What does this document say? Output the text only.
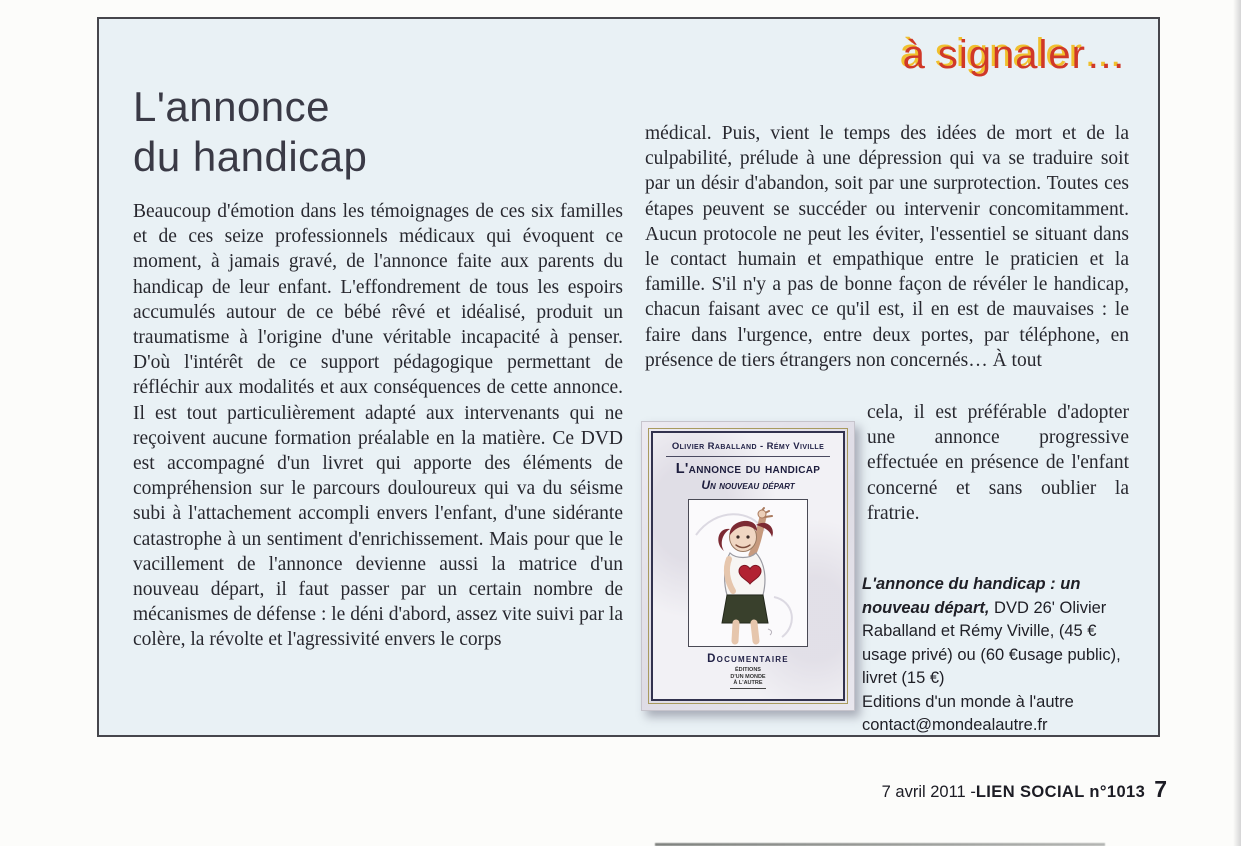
à signaler…
L'annonce
du handicap
Beaucoup d'émotion dans les témoignages de ces six familles et de ces seize professionnels médicaux qui évoquent ce moment, à jamais gravé, de l'annonce faite aux parents du handicap de leur enfant. L'effondrement de tous les espoirs accumulés autour de ce bébé rêvé et idéalisé, produit un traumatisme à l'origine d'une véritable incapacité à penser. D'où l'intérêt de ce support pédagogique permettant de réfléchir aux modalités et aux conséquences de cette annonce. Il est tout particulièrement adapté aux intervenants qui ne reçoivent aucune formation préalable en la matière. Ce DVD est accompagné d'un livret qui apporte des éléments de compréhension sur le parcours douloureux qui va du séisme subi à l'attachement accompli envers l'enfant, d'une sidérante catastrophe à un sentiment d'enrichissement. Mais pour que le vacillement de l'annonce devienne aussi la matrice d'un nouveau départ, il faut passer par un certain nombre de mécanismes de défense : le déni d'abord, assez vite suivi par la colère, la révolte et l'agressivité envers le corps
médical. Puis, vient le temps des idées de mort et de la culpabilité, prélude à une dépression qui va se traduire soit par un désir d'abandon, soit par une surprotection. Toutes ces étapes peuvent se succéder ou intervenir concomitamment. Aucun protocole ne peut les éviter, l'essentiel se situant dans le contact humain et empathique entre le praticien et la famille. S'il n'y a pas de bonne façon de révéler le handicap, chacun faisant avec ce qu'il est, il en est de mauvaises : le faire dans l'urgence, entre deux portes, par téléphone, en présence de tiers étrangers non concernés… À tout
cela, il est préférable d'adopter une annonce progressive effectuée en présence de l'enfant concerné et sans oublier la fratrie.
Olivier Raballand - Rémy Viville
L'annonce du handicap
Un nouveau départ
Documentaire
ÉDITIONS
D'UN MONDE
À L'AUTRE
L'annonce du handicap : un nouveau départ, DVD 26' Olivier Raballand et Rémy Viville, (45 € usage privé) ou (60 €usage public), livret (15 €)
Editions d'un monde à l'autre
contact@mondealautre.fr
7 avril 2011 - LIEN SOCIAL n°1013 7
